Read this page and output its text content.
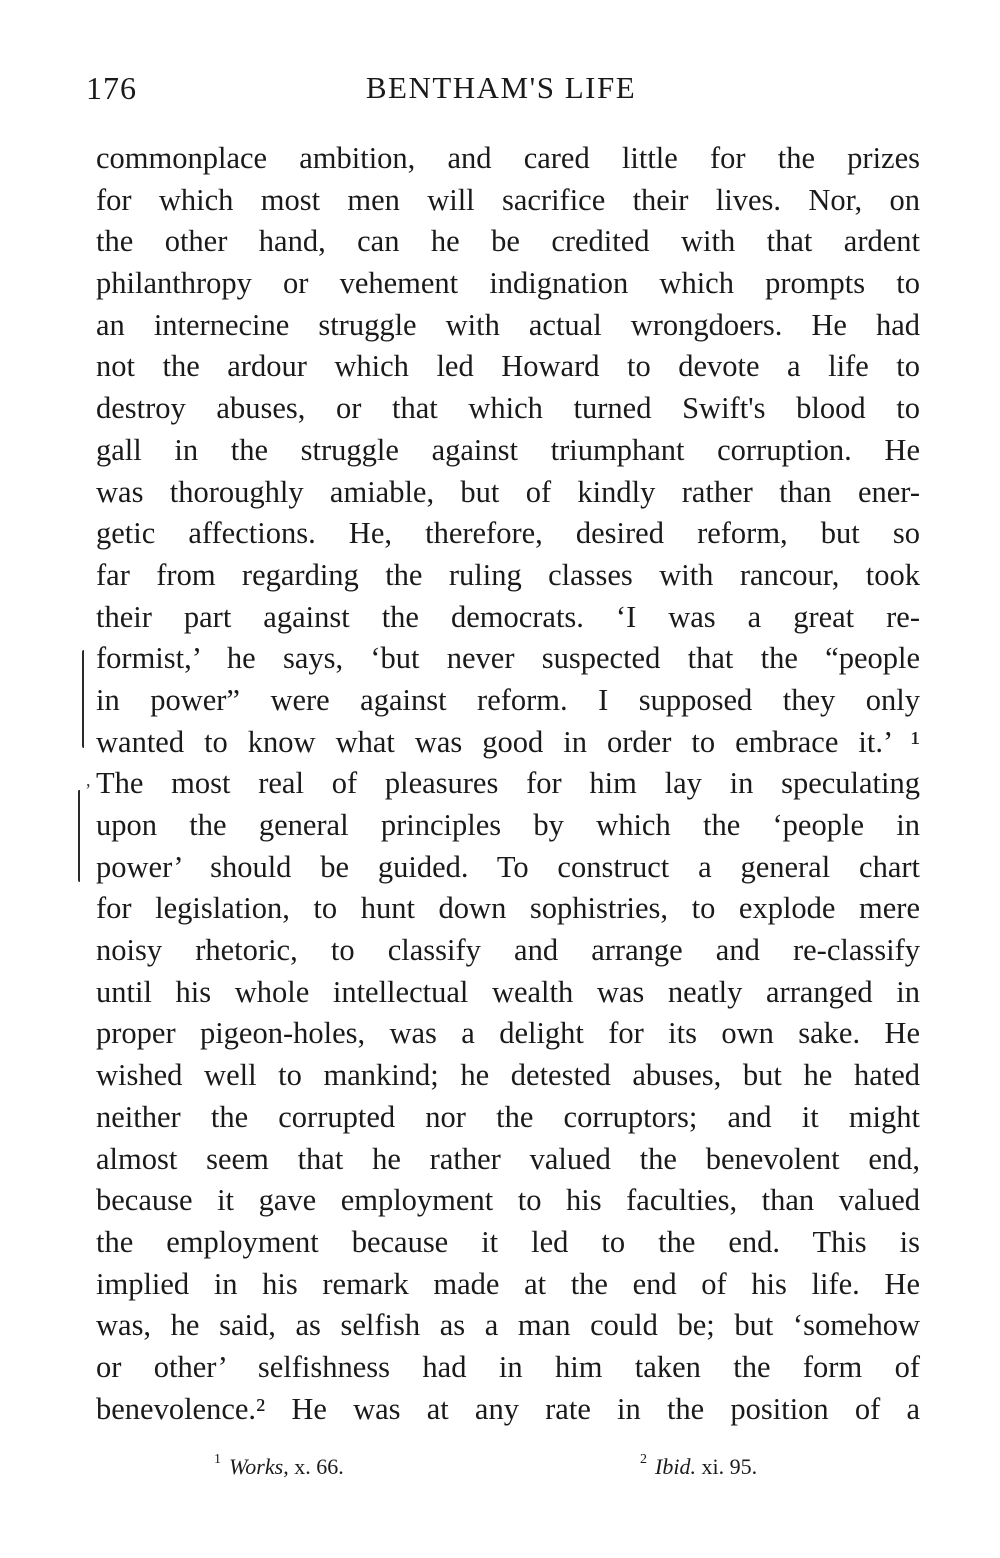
176	BENTHAM'S LIFE
commonplace ambition, and cared little for the prizes
for which most men will sacrifice their lives. Nor, on
the other hand, can he be credited with that ardent
philanthropy or vehement indignation which prompts to
an internecine struggle with actual wrongdoers. He had
not the ardour which led Howard to devote a life to
destroy abuses, or that which turned Swift's blood to
gall in the struggle against triumphant corruption. He
was thoroughly amiable, but of kindly rather than ener-
getic affections. He, therefore, desired reform, but so
far from regarding the ruling classes with rancour, took
their part against the democrats. ‘I was a great re-
formist,’ he says, ‘but never suspected that the “people
in power” were against reform. I supposed they only
wanted to know what was good in order to embrace it.’ ¹
The most real of pleasures for him lay in speculating
upon the general principles by which the ‘people in
power’ should be guided. To construct a general chart
for legislation, to hunt down sophistries, to explode mere
noisy rhetoric, to classify and arrange and re-classify
until his whole intellectual wealth was neatly arranged in
proper pigeon-holes, was a delight for its own sake. He
wished well to mankind; he detested abuses, but he hated
neither the corrupted nor the corruptors; and it might
almost seem that he rather valued the benevolent end,
because it gave employment to his faculties, than valued
the employment because it led to the end. This is
implied in his remark made at the end of his life. He
was, he said, as selfish as a man could be; but ‘somehow
or other’ selfishness had in him taken the form of
benevolence.² He was at any rate in the position of a
,
$^1$ Works, x. 66.	$^2$ Ibid. xi. 95.
